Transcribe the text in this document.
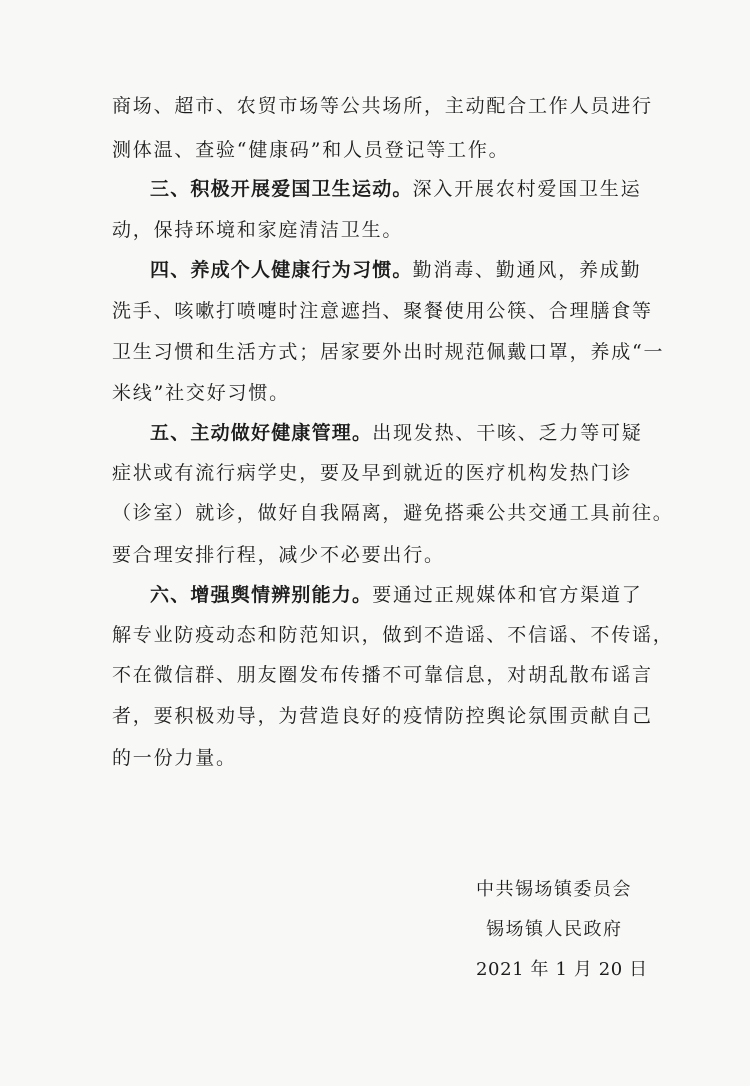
商场、超市、农贸市场等公共场所，主动配合工作人员进行
测体温、查验“健康码”和人员登记等工作。
三、积极开展爱国卫生运动。深入开展农村爱国卫生运
动，保持环境和家庭清洁卫生。
四、养成个人健康行为习惯。勤消毒、勤通风，养成勤
洗手、咳嗽打喷嚏时注意遮挡、聚餐使用公筷、合理膳食等
卫生习惯和生活方式；居家要外出时规范佩戴口罩，养成“一
米线”社交好习惯。
五、主动做好健康管理。出现发热、干咳、乏力等可疑
症状或有流行病学史，要及早到就近的医疗机构发热门诊
（诊室）就诊，做好自我隔离，避免搭乘公共交通工具前往。
要合理安排行程，减少不必要出行。
六、增强舆情辨别能力。要通过正规媒体和官方渠道了
解专业防疫动态和防范知识，做到不造谣、不信谣、不传谣，
不在微信群、朋友圈发布传播不可靠信息，对胡乱散布谣言
者，要积极劝导，为营造良好的疫情防控舆论氛围贡献自己
的一份力量。
中共锡场镇委员会
锡场镇人民政府
2021 年 1 月 20 日
